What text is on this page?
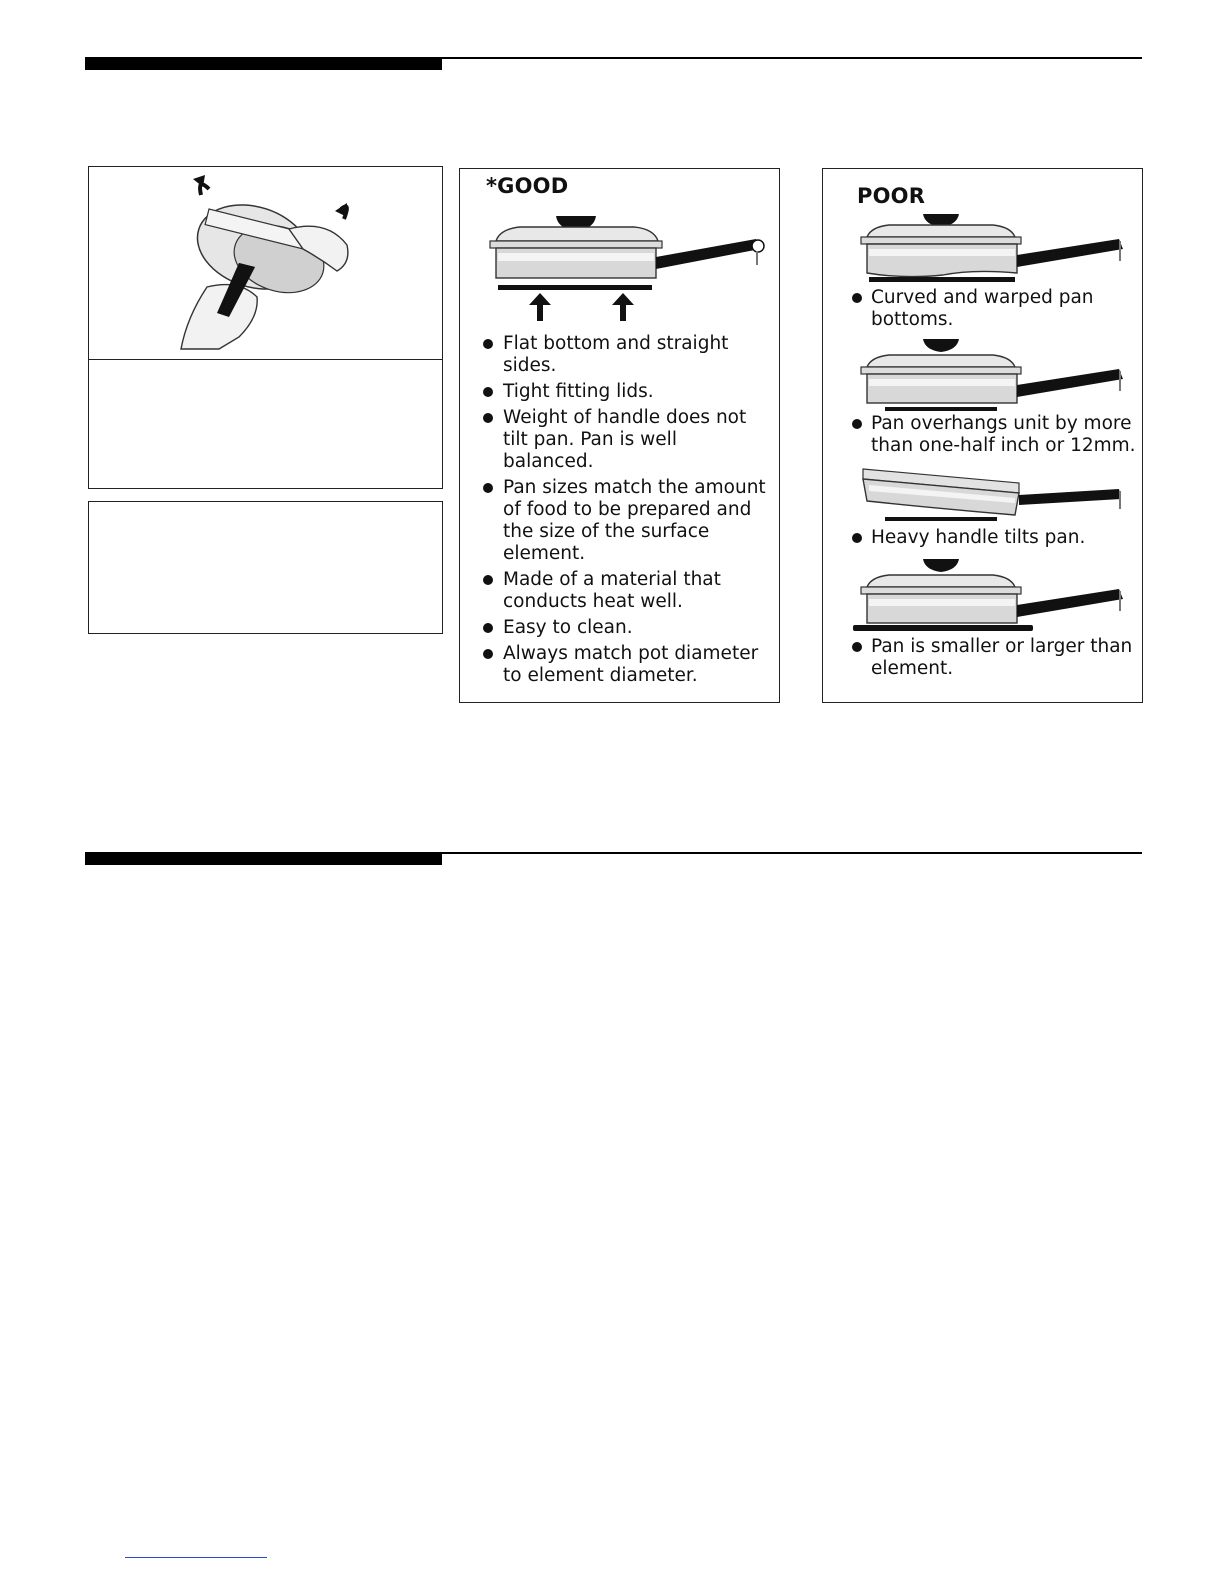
*GOOD
Flat bottom and straight sides.
Tight fitting lids.
Weight of handle does not tilt pan. Pan is well balanced.
Pan sizes match the amount of food to be prepared and the size of the surface element.
Made of a material that conducts heat well.
Easy to clean.
Always match pot diameter to element diameter.
POOR
Curved and warped pan bottoms.
Pan overhangs unit by more than one-half inch or 12mm.
Heavy handle tilts pan.
Pan is smaller or larger than element.
